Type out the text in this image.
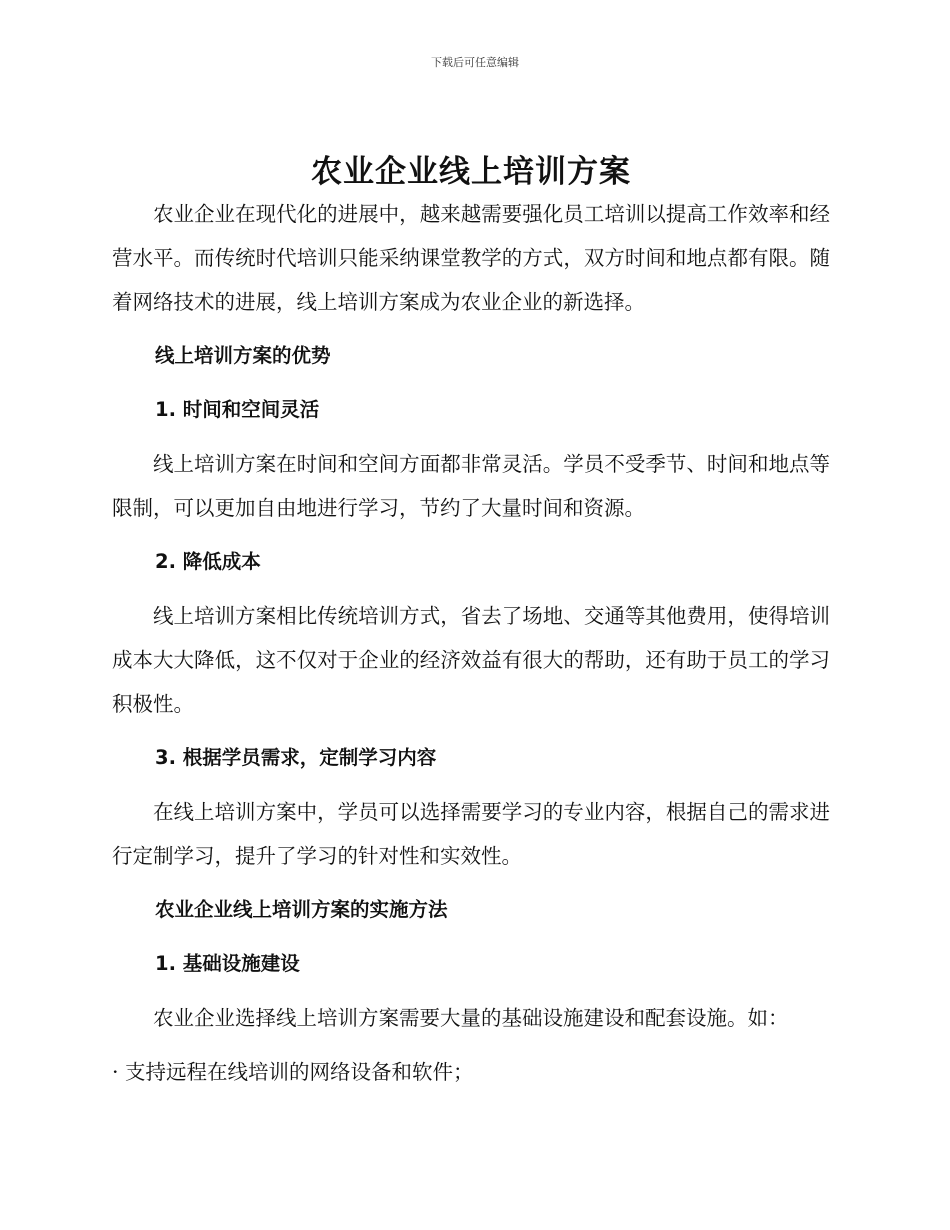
下载后可任意编辑
农业企业线上培训方案

农业企业在现代化的进展中，越来越需要强化员工培训以提高工作效率和经营水平。而传统时代培训只能采纳课堂教学的方式，双方时间和地点都有限。随着网络技术的进展，线上培训方案成为农业企业的新选择。

线上培训方案的优势
1. 时间和空间灵活

线上培训方案在时间和空间方面都非常灵活。学员不受季节、时间和地点等限制，可以更加自由地进行学习，节约了大量时间和资源。

2. 降低成本

线上培训方案相比传统培训方式，省去了场地、交通等其他费用，使得培训成本大大降低，这不仅对于企业的经济效益有很大的帮助，还有助于员工的学习积极性。

3. 根据学员需求，定制学习内容

在线上培训方案中，学员可以选择需要学习的专业内容，根据自己的需求进行定制学习，提升了学习的针对性和实效性。

农业企业线上培训方案的实施方法
1. 基础设施建设

农业企业选择线上培训方案需要大量的基础设施建设和配套设施。如：

· 支持远程在线培训的网络设备和软件；
